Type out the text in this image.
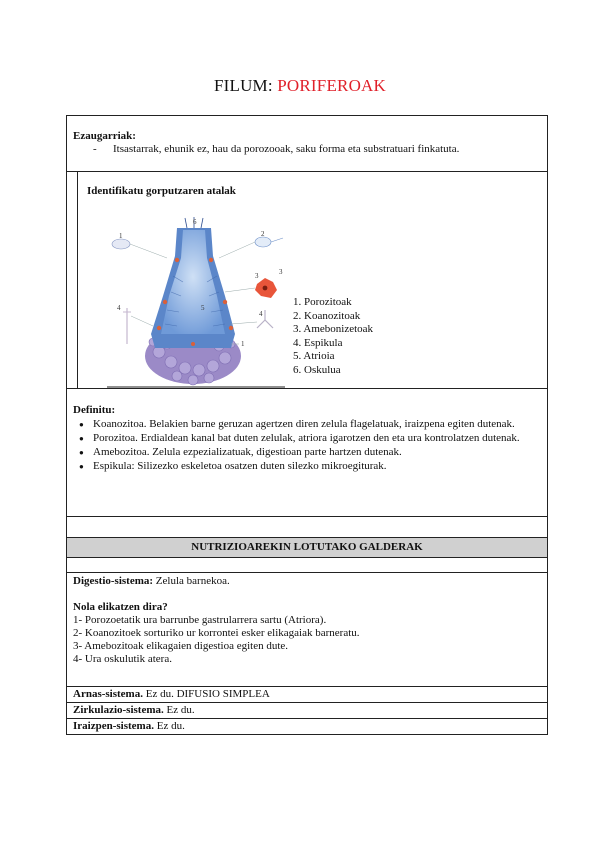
FILUM: PORIFEROAK
Ezaugarriak:
- Itsastarrak, ehunik ez, hau da porozooak, saku forma eta substratuari finkatuta.
Identifikatu gorputzaren atalak
1	2
3
4
4
5
6
3
1
1. Porozitoak
2. Koanozitoak
3. Amebonizetoak
4. Espikula
5. Atrioia
6. Oskulua
Definitu:
● Koanozitoa. Belakien barne geruzan agertzen diren zelula flagelatuak, iraizpena egiten dutenak.
● Porozitoa. Erdialdean kanal bat duten zelulak, atriora igarotzen den eta ura kontrolatzen dutenak.
● Amebozitoa. Zelula ezpezializatuak, digestioan parte hartzen dutenak.
● Espikula: Silizezko eskeletoa osatzen duten silezko mikroegiturak.
NUTRIZIOAREKIN LOTUTAKO GALDERAK
Digestio-sistema: Zelula barnekoa.
Nola elikatzen dira?
1- Porozoetatik ura barrunbe gastrularrera sartu (Atriora).
2- Koanozitoek sorturiko ur korrontei esker elikagaiak barneratu.
3- Amebozitoak elikagaien digestioa egiten dute.
4- Ura oskulutik atera.
Arnas-sistema. Ez du. DIFUSIO SIMPLEA
Zirkulazio-sistema. Ez du.
Iraizpen-sistema. Ez du.
